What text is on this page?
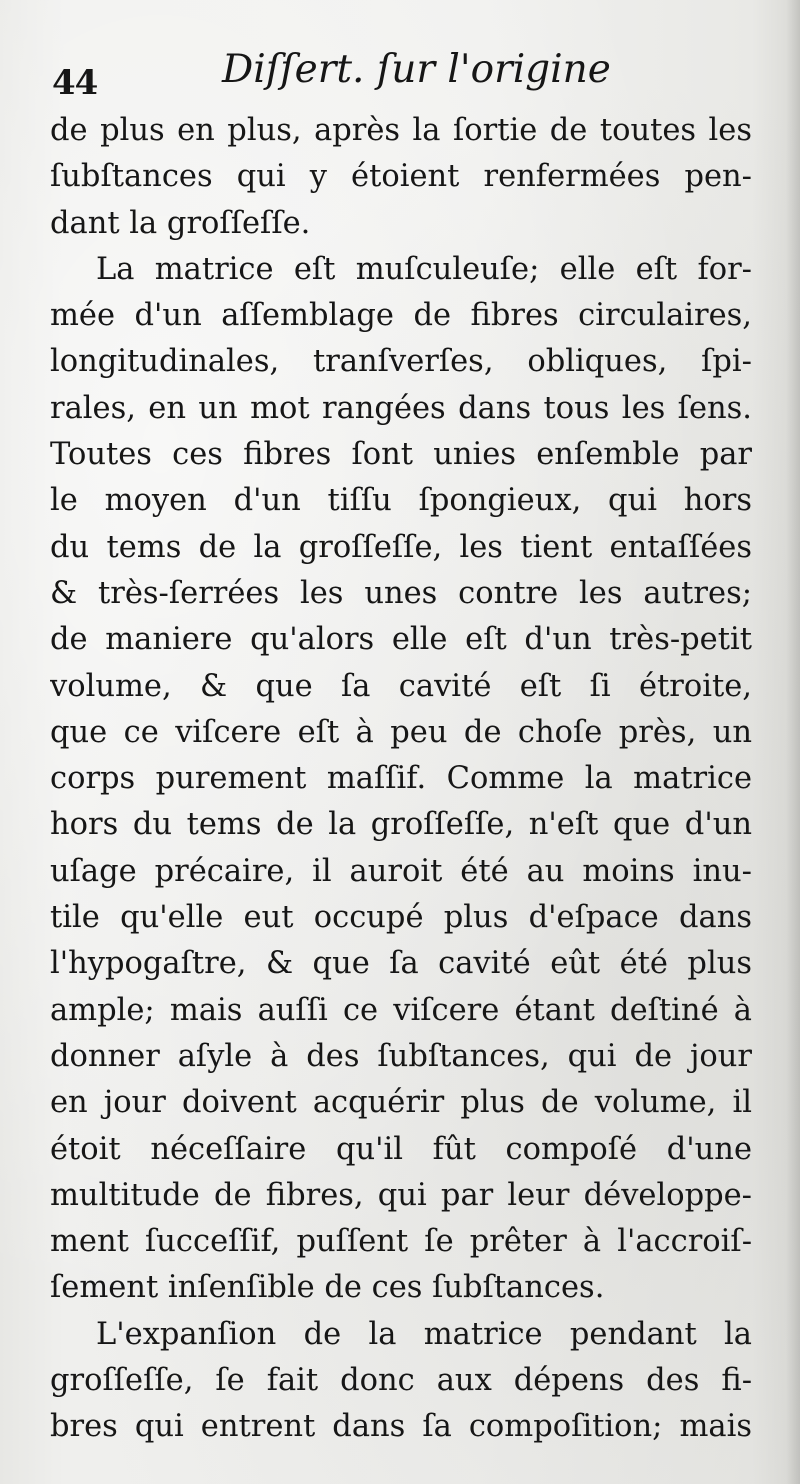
44	Diſſert. ſur l'origine
de plus en plus, après la ſortie de toutes les
ſubſtances qui y étoient renfermées pen-
dant la groſſeſſe.
La matrice eſt muſculeuſe; elle eſt for-
mée d'un aſſemblage de fibres circulaires,
longitudinales, tranſverſes, obliques, ſpi-
rales, en un mot rangées dans tous les ſens.
Toutes ces fibres ſont unies enſemble par
le moyen d'un tiſſu ſpongieux, qui hors
du tems de la groſſeſſe, les tient entaſſées
& très-ſerrées les unes contre les autres;
de maniere qu'alors elle eſt d'un très-petit
volume, & que ſa cavité eſt ſi étroite,
que ce viſcere eſt à peu de choſe près, un
corps purement maſſif. Comme la matrice
hors du tems de la groſſeſſe, n'eſt que d'un
uſage précaire, il auroit été au moins inu-
tile qu'elle eut occupé plus d'eſpace dans
l'hypogaſtre, & que ſa cavité eût été plus
ample; mais auſſi ce viſcere étant deſtiné à
donner aſyle à des ſubſtances, qui de jour
en jour doivent acquérir plus de volume, il
étoit néceſſaire qu'il fût compoſé d'une
multitude de fibres, qui par leur développe-
ment ſucceſſif, puſſent ſe prêter à l'accroiſ-
ſement inſenſible de ces ſubſtances.
L'expanſion de la matrice pendant la
groſſeſſe, ſe fait donc aux dépens des fi-
bres qui entrent dans ſa compoſition; mais
